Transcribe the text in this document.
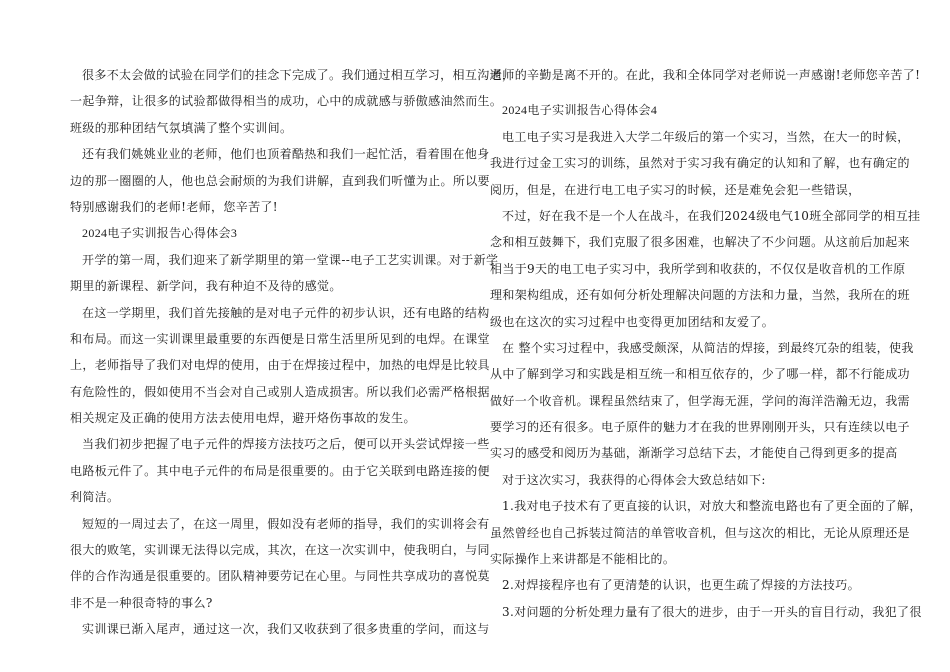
很多不太会做的试验在同学们的挂念下完成了。我们通过相互学习，相互沟通，
一起争辩，让很多的试验都做得相当的成功，心中的成就感与骄傲感油然而生。
班级的那种团结气氛填满了整个实训间。
还有我们姚姚业业的老师，他们也顶着酷热和我们一起忙活，看着围在他身
边的那一圈圈的人，他也总会耐烦的为我们讲解，直到我们听懂为止。所以要
特别感谢我们的老师!老师，您辛苦了!
2024电子实训报告心得体会3
开学的第一周，我们迎来了新学期里的第一堂课--电子工艺实训课。对于新学
期里的新课程、新学问，我有种迫不及待的感觉。
在这一学期里，我们首先接触的是对电子元件的初步认识，还有电路的结构
和布局。而这一实训课里最重要的东西便是日常生活里所见到的电焊。在课堂
上，老师指导了我们对电焊的使用，由于在焊接过程中，加热的电焊是比较具
有危险性的，假如使用不当会对自己或别人造成损害。所以我们必需严格根据
相关规定及正确的使用方法去使用电焊，避开烙伤事故的发生。
当我们初步把握了电子元件的焊接方法技巧之后，便可以开头尝试焊接一些
电路板元件了。其中电子元件的布局是很重要的。由于它关联到电路连接的便
利简洁。
短短的一周过去了，在这一周里，假如没有老师的指导，我们的实训将会有
很大的败笔，实训课无法得以完成，其次，在这一次实训中，使我明白，与同
伴的合作沟通是很重要的。团队精神要劳记在心里。与同性共享成功的喜悦莫
非不是一种很奇特的事么?
实训课已渐入尾声，通过这一次，我们又收获到了很多贵重的学问，而这与
老师的辛勤是离不开的。在此，我和全体同学对老师说一声感谢!老师您辛苦了!
2024电子实训报告心得体会4
电工电子实习是我进入大学二年级后的第一个实习，当然，在大一的时候，
我进行过金工实习的训练，虽然对于实习我有确定的认知和了解，也有确定的
阅历，但是，在进行电工电子实习的时候，还是难免会犯一些错误，
不过，好在我不是一个人在战斗，在我们2024级电气10班全部同学的相互挂
念和相互鼓舞下，我们克服了很多困难，也解决了不少问题。从这前后加起来
相当于9天的电工电子实习中，我所学到和收获的，不仅仅是收音机的工作原
理和架构组成，还有如何分析处理解决问题的方法和力量，当然，我所在的班
级也在这次的实习过程中也变得更加团结和友爱了。
在 整个实习过程中，我感受颇深，从简洁的焊接，到最终冗杂的组装，使我
从中了解到学习和实践是相互统一和相互依存的，少了哪一样，都不行能成功
做好一个收音机。课程虽然结束了，但学海无涯，学问的海洋浩瀚无边，我需
要学习的还有很多。电子原件的魅力才在我的世界刚刚开头，只有连续以电子
实习的感受和阅历为基础，渐渐学习总结下去，才能使自己得到更多的提高
对于这次实习，我获得的心得体会大致总结如下:
1.我对电子技术有了更直接的认识，对放大和整流电路也有了更全面的了解，
虽然曾经也自己拆装过简洁的单管收音机，但与这次的相比，无论从原理还是
实际操作上来讲都是不能相比的。
2.对焊接程序也有了更清楚的认识，也更生疏了焊接的方法技巧。
3.对问题的分析处理力量有了很大的进步，由于一开头的盲目行动，我犯了很
